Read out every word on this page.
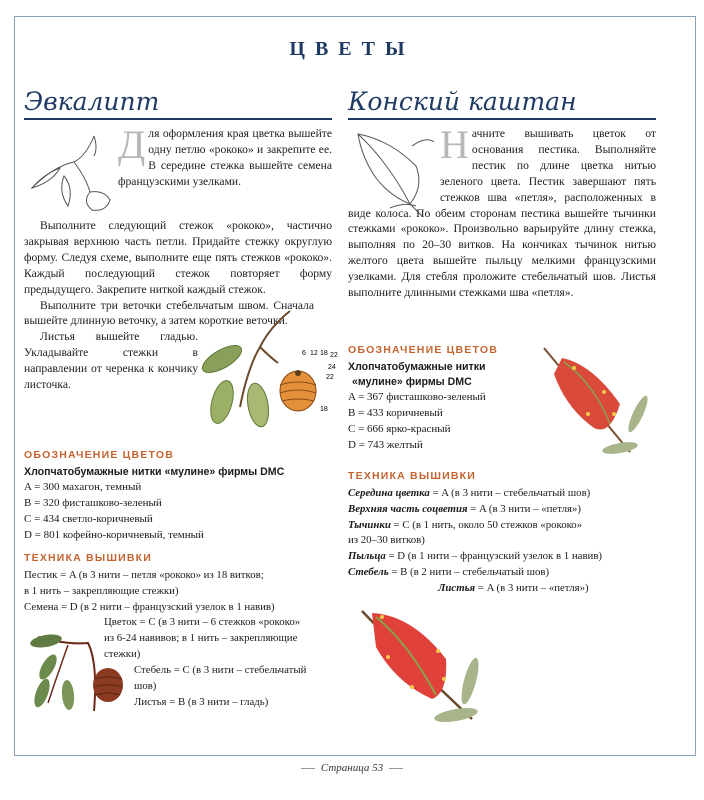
ЦВЕТЫ
Эвкалипт

Для оформления края цветка вышейте одну петлю «рококо» и закрепите ее. В середине стежка вышейте семена французскими узелками.

Выполните следующий стежок «рококо», частично закрывая верхнюю часть петли. Придайте стежку округлую форму. Следуя схеме, выполните еще пять стежков «рококо». Каждый последующий стежок повторяет форму предыдущего. Закрепите ниткой каждый стежок.

Выполните три веточки стебельчатым швом. Сначала вышейте длинную веточку, а затем короткие веточки.

Листья вышейте гладью. Укладывайте стежки в направлении от черенка к кончику листочка.

6 12 18 22
24
22
18
ОБОЗНАЧЕНИЕ ЦВЕТОВ
Хлопчатобумажные нитки «мулине» фирмы DMC
A = 300 махагон, темный
B = 320 фисташково-зеленый
C = 434 светло-коричневый
D = 801 кофейно-коричневый, темный
ТЕХНИКА ВЫШИВКИ
Пестик = A (в 3 нити – петля «рококо» из 18 витков;
в 1 нить – закрепляющие стежки)
Семена = D (в 2 нити – французский узелок в 1 навив)
Цветок = C (в 3 нити – 6 стежков «рококо»
из 6-24 навивов; в 1 нить – закрепляющие
стежки)
Стебель = C (в 3 нити – стебельчатый
шов)
Листья = B (в 3 нити – гладь)
Конский каштан

Начните вышивать цветок от основания пестика. Выполняйте пестик по длине цветка нитью зеленого цвета. Пестик завершают пять стежков шва «петля», расположенных в виде колоса. По обеим сторонам пестика вышейте тычинки стежками «рококо». Произвольно варьируйте длину стежка, выполняя по 20–30 витков. На кончиках тычинок нитью желтого цвета вышейте пыльцу мелкими французскими узелками. Для стебля проложите стебельчатый шов. Листья выполните длинными стежками шва «петля».

ОБОЗНАЧЕНИЕ ЦВЕТОВ
Хлопчатобумажные нитки
«мулине» фирмы DMC
A = 367 фисташково-зеленый
B = 433 коричневый
C = 666 ярко-красный
D = 743 желтый
ТЕХНИКА ВЫШИВКИ
Середина цветка = A (в 3 нити – стебельчатый шов)
Верхняя часть соцветия = A (в 3 нити – «петля»)
Тычинки = C (в 1 нить, около 50 стежков «рококо»
из 20–30 витков)
Пыльца = D (в 1 нити – французский узелок в 1 навив)
Стебель = B (в 2 нити – стебельчатый шов)
Листья = A (в 3 нити – «петля»)
Страница 53
